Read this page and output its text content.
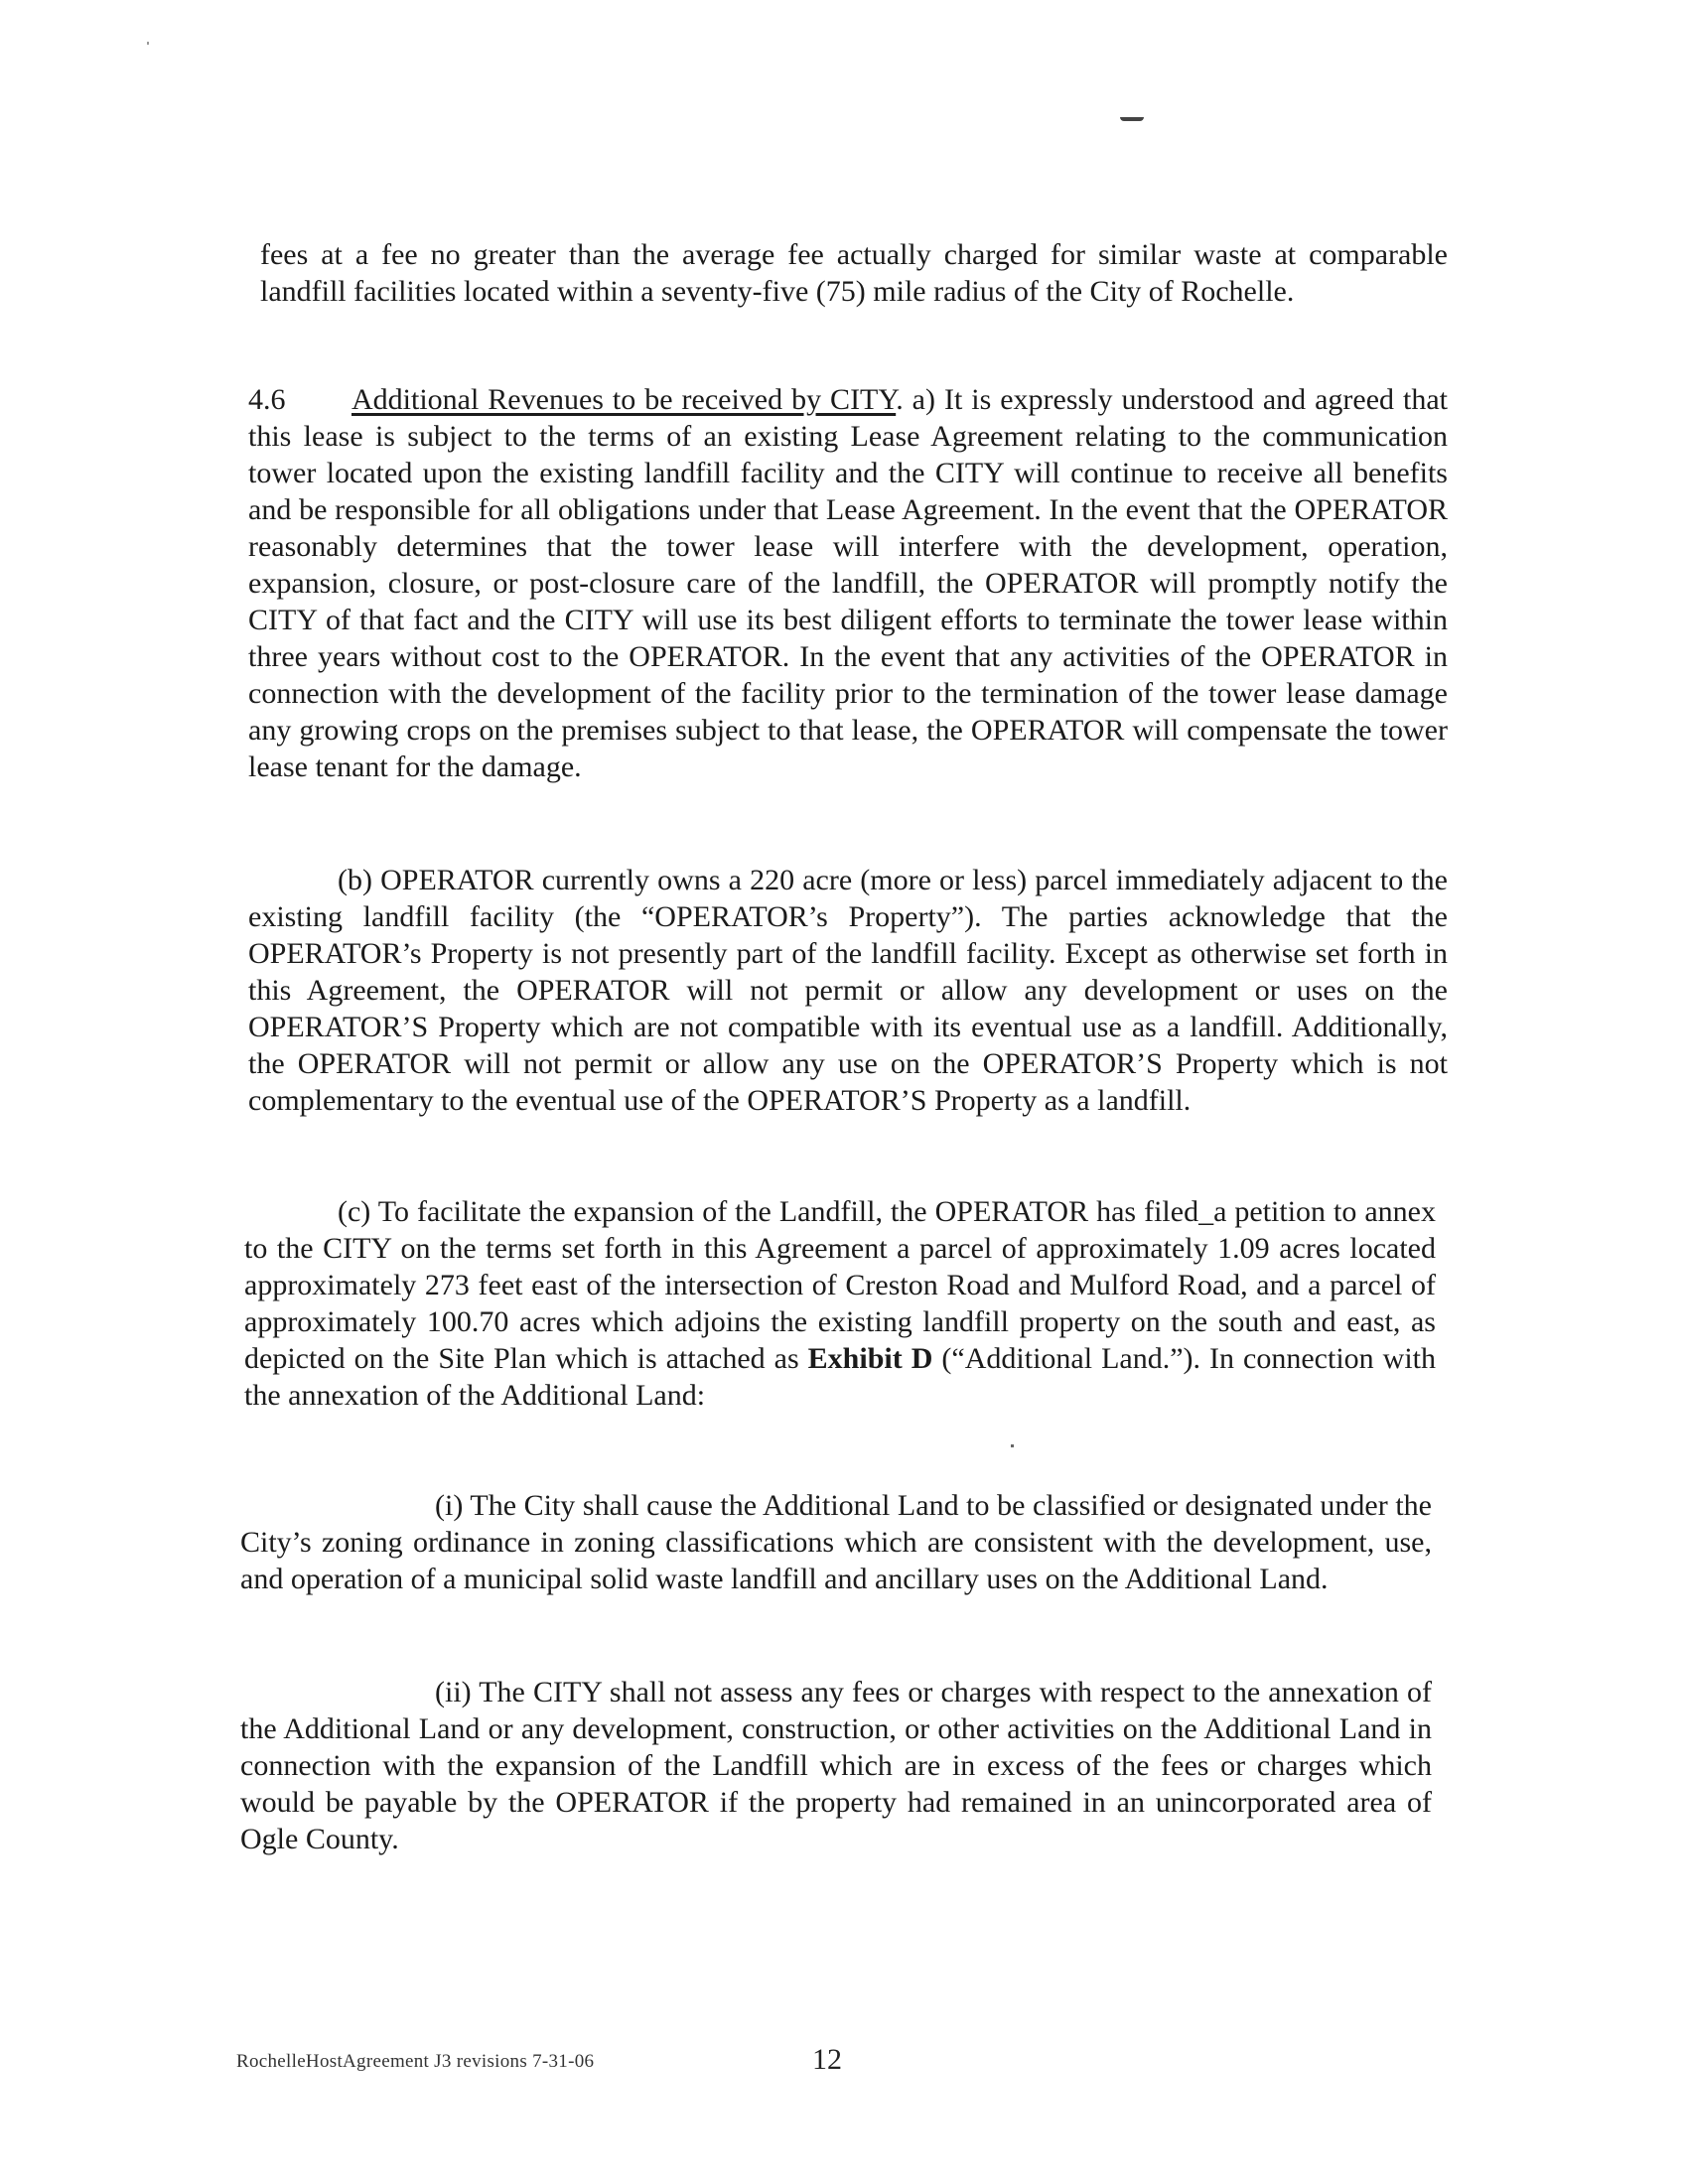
fees at a fee no greater than the average fee actually charged for similar waste at comparable landfill facilities located within a seventy-five (75) mile radius of the City of Rochelle.

4.6 Additional Revenues to be received by CITY. a) It is expressly understood and agreed that this lease is subject to the terms of an existing Lease Agreement relating to the communication tower located upon the existing landfill facility and the CITY will continue to receive all benefits and be responsible for all obligations under that Lease Agreement. In the event that the OPERATOR reasonably determines that the tower lease will interfere with the development, operation, expansion, closure, or post-closure care of the landfill, the OPERATOR will promptly notify the CITY of that fact and the CITY will use its best diligent efforts to terminate the tower lease within three years without cost to the OPERATOR. In the event that any activities of the OPERATOR in connection with the development of the facility prior to the termination of the tower lease damage any growing crops on the premises subject to that lease, the OPERATOR will compensate the tower lease tenant for the damage.

(b) OPERATOR currently owns a 220 acre (more or less) parcel immediately adjacent to the existing landfill facility (the “OPERATOR’s Property”). The parties acknowledge that the OPERATOR’s Property is not presently part of the landfill facility. Except as otherwise set forth in this Agreement, the OPERATOR will not permit or allow any development or uses on the OPERATOR’S Property which are not compatible with its eventual use as a landfill. Additionally, the OPERATOR will not permit or allow any use on the OPERATOR’S Property which is not complementary to the eventual use of the OPERATOR’S Property as a landfill.

(c) To facilitate the expansion of the Landfill, the OPERATOR has filed_a petition to annex to the CITY on the terms set forth in this Agreement a parcel of approximately 1.09 acres located approximately 273 feet east of the intersection of Creston Road and Mulford Road, and a parcel of approximately 100.70 acres which adjoins the existing landfill property on the south and east, as depicted on the Site Plan which is attached as Exhibit D (“Additional Land.”). In connection with the annexation of the Additional Land:

(i) The City shall cause the Additional Land to be classified or designated under the City’s zoning ordinance in zoning classifications which are consistent with the development, use, and operation of a municipal solid waste landfill and ancillary uses on the Additional Land.

(ii) The CITY shall not assess any fees or charges with respect to the annexation of the Additional Land or any development, construction, or other activities on the Additional Land in connection with the expansion of the Landfill which are in excess of the fees or charges which would be payable by the OPERATOR if the property had remained in an unincorporated area of Ogle County.

RochelleHostAgreement J3 revisions 7-31-06	12
